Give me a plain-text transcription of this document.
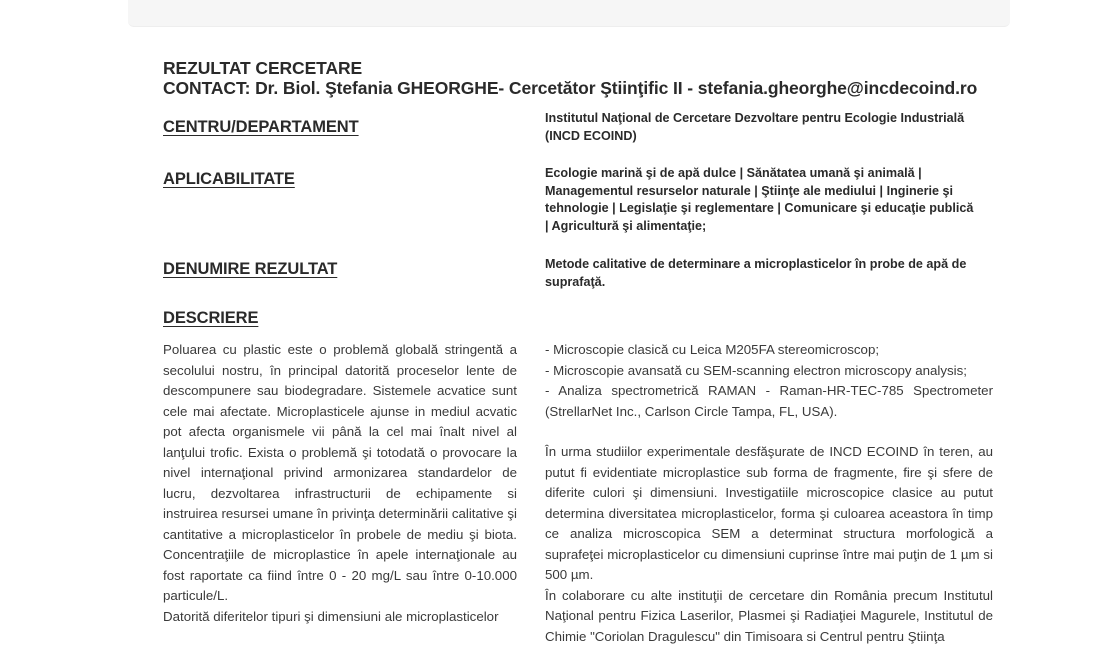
REZULTAT CERCETARE
CONTACT: Dr. Biol. Ştefania GHEORGHE- Cercetător Ştiinţific II - stefania.gheorghe@incdecoind.ro
CENTRU/DEPARTAMENT	Institutul Naţional de Cercetare Dezvoltare pentru Ecologie Industrială (INCD ECOIND)
APLICABILITATE	Ecologie marină şi de apă dulce | Sănătatea umană şi animală | Managementul resurselor naturale | Ştiinţe ale mediului | Inginerie şi tehnologie | Legislaţie şi reglementare | Comunicare şi educaţie publică | Agricultură şi alimentaţie;
DENUMIRE REZULTAT	Metode calitative de determinare a microplasticelor în probe de apă de suprafaţă.
DESCRIERE

Poluarea cu plastic este o problemă globală stringentă a secolului nostru, în principal datorită proceselor lente de descompunere sau biodegradare. Sistemele acvatice sunt cele mai afectate. Microplasticele ajunse in mediul acvatic pot afecta organismele vii până la cel mai înalt nivel al lanţului trofic. Exista o problemă şi totodată o provocare la nivel internaţional privind armonizarea standardelor de lucru, dezvoltarea infrastructurii de echipamente si instruirea resursei umane în privinţa determinării calitative şi cantitative a microplasticelor în probele de mediu şi biota. Concentraţiile de microplastice în apele internaţionale au fost raportate ca fiind între 0 - 20 mg/L sau între 0-10.000 particule/L.

Datorită diferitelor tipuri şi dimensiuni ale microplasticelor

- Microscopie clasică cu Leica M205FA stereomicroscop;

- Microscopie avansată cu SEM-scanning electron microscopy analysis;

- Analiza spectrometrică RAMAN - Raman-HR-TEC-785 Spectrometer (StrellarNet Inc., Carlson Circle Tampa, FL, USA).

În urma studiilor experimentale desfăşurate de INCD ECOIND în teren, au putut fi evidentiate microplastice sub forma de fragmente, fire şi sfere de diferite culori şi dimensiuni. Investigatiile microscopice clasice au putut determina diversitatea microplasticelor, forma şi culoarea aceastora în timp ce analiza microscopica SEM a determinat structura morfologică a suprafeţei microplasticelor cu dimensiuni cuprinse între mai puţin de 1 µm si 500 µm.

În colaborare cu alte instituţii de cercetare din România precum Institutul Naţional pentru Fizica Laserilor, Plasmei şi Radiaţiei Magurele, Institutul de Chimie "Coriolan Dragulescu" din Timisoara si Centrul pentru Ştiinţa
